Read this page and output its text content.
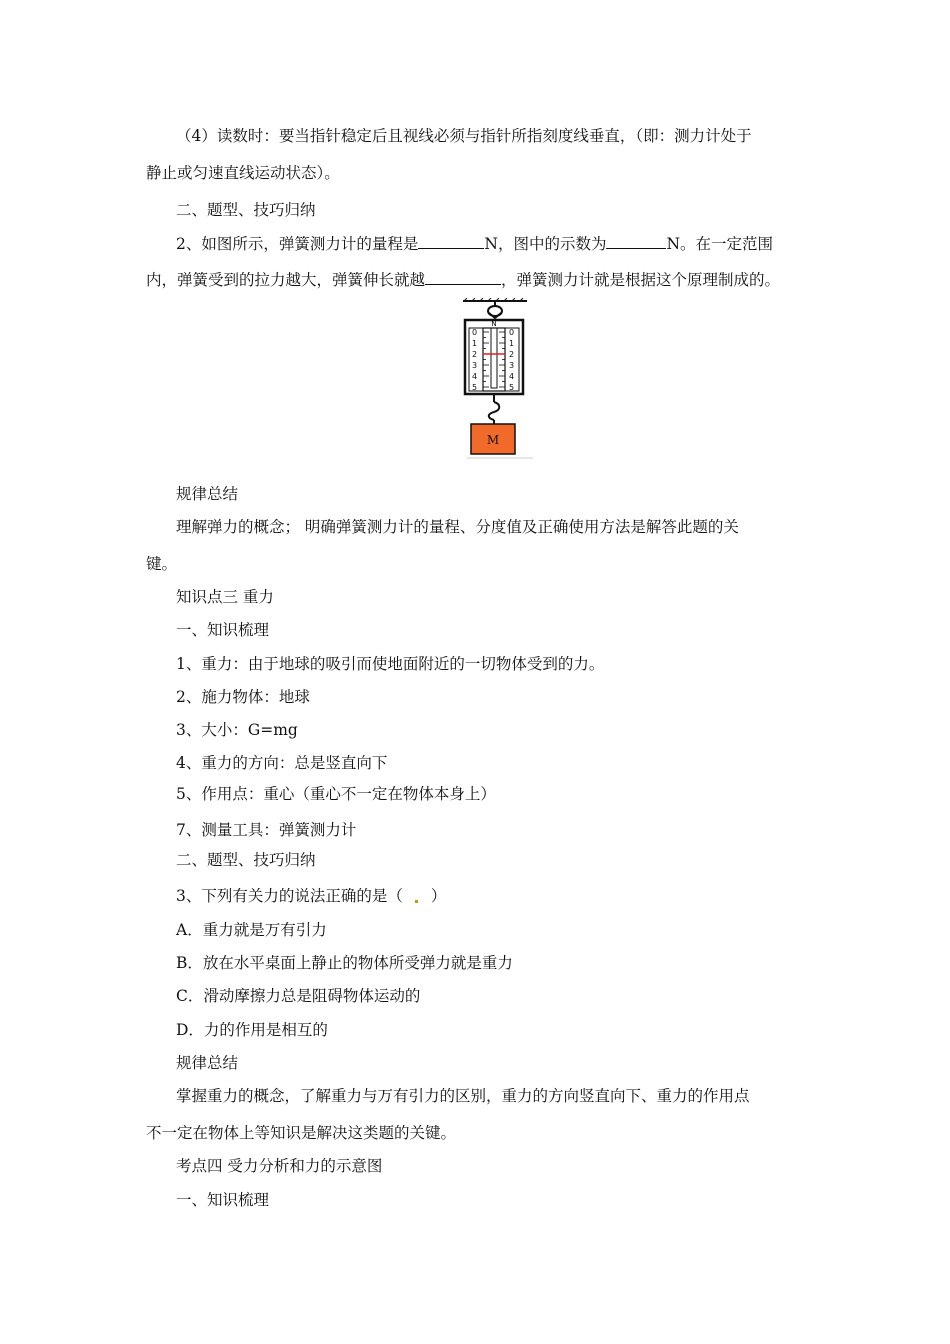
（4）读数时：要当指针稳定后且视线必须与指针所指刻度线垂直，（即：测力计处于
静止或匀速直线运动状态）。
二、题型、技巧归纳
2、如图所示，弹簧测力计的量程是	N，图中的示数为	N。在一定范围
内，弹簧受到的拉力越大，弹簧伸长就越	，弹簧测力计就是根据这个原理制成的。
N
0
1
2
3
4
5
0
1
2
3
4
5
M
规律总结
理解弹力的概念； 明确弹簧测力计的量程、分度值及正确使用方法是解答此题的关
键。
知识点三 重力
一、知识梳理
1、重力：由于地球的吸引而使地面附近的一切物体受到的力。
2、施力物体：地球
3、大小：G=mg
4、重力的方向：总是竖直向下
5、作用点：重心（重心不一定在物体本身上）
7、测量工具：弹簧测力计
二、题型、技巧归纳
3、下列有关力的说法正确的是（ ）
A．重力就是万有引力
B．放在水平桌面上静止的物体所受弹力就是重力
C．滑动摩擦力总是阻碍物体运动的
D．力的作用是相互的
规律总结
掌握重力的概念，了解重力与万有引力的区别，重力的方向竖直向下、重力的作用点
不一定在物体上等知识是解决这类题的关键。
考点四 受力分析和力的示意图
一、知识梳理
